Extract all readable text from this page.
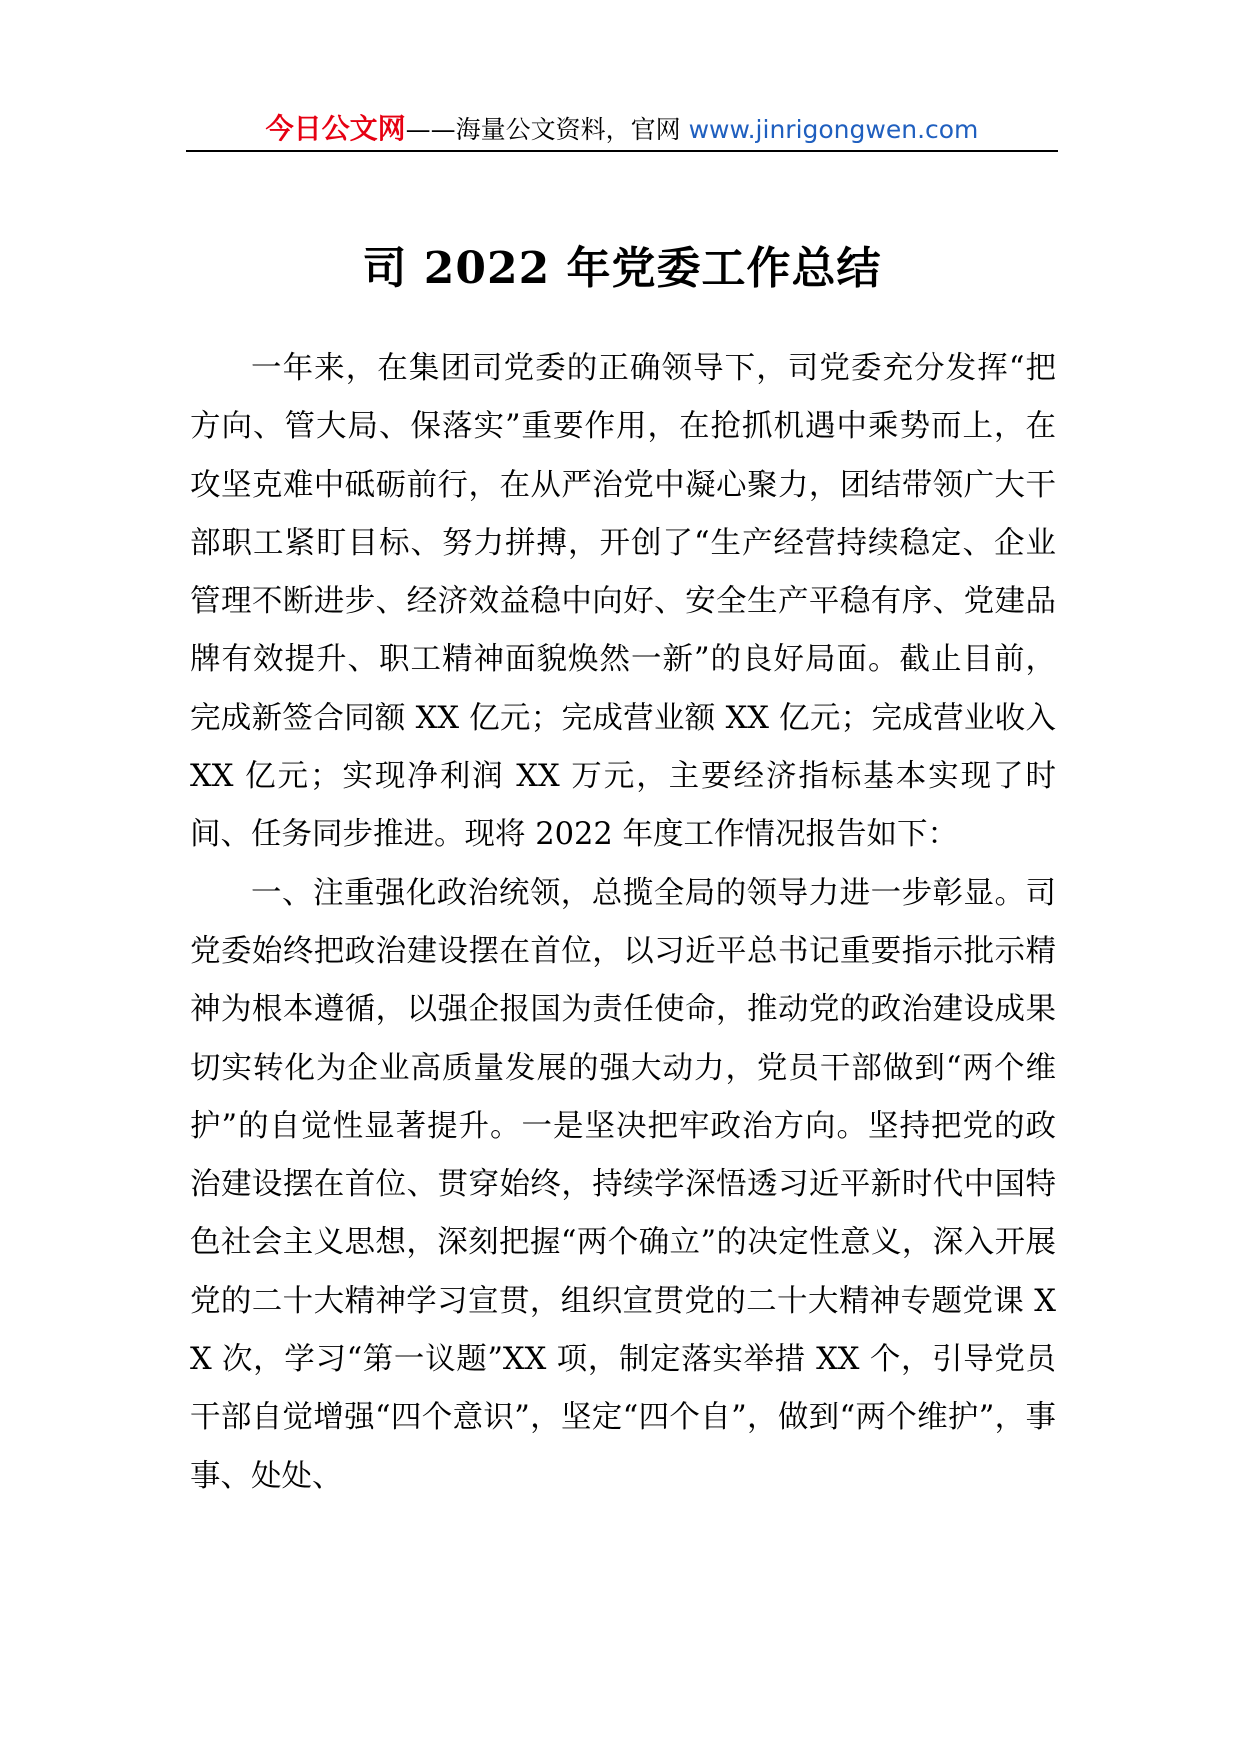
今日公文网——海量公文资料，官网 www.jinrigongwen.com
司 2022 年党委工作总结

一年来，在集团司党委的正确领导下，司党委充分发挥“把方向、管大局、保落实”重要作用，在抢抓机遇中乘势而上，在攻坚克难中砥砺前行，在从严治党中凝心聚力，团结带领广大干部职工紧盯目标、努力拼搏，开创了“生产经营持续稳定、企业管理不断进步、经济效益稳中向好、安全生产平稳有序、党建品牌有效提升、职工精神面貌焕然一新”的良好局面。截止目前，完成新签合同额 XX 亿元；完成营业额 XX 亿元；完成营业收入 XX 亿元；实现净利润 XX 万元，主要经济指标基本实现了时间、任务同步推进。现将 2022 年度工作情况报告如下：

一、注重强化政治统领，总揽全局的领导力进一步彰显。司党委始终把政治建设摆在首位，以习近平总书记重要指示批示精神为根本遵循，以强企报国为责任使命，推动党的政治建设成果切实转化为企业高质量发展的强大动力，党员干部做到“两个维护”的自觉性显著提升。一是坚决把牢政治方向。坚持把党的政治建设摆在首位、贯穿始终，持续学深悟透习近平新时代中国特色社会主义思想，深刻把握“两个确立”的决定性意义，深入开展党的二十大精神学习宣贯，组织宣贯党的二十大精神专题党课 XX 次，学习“第一议题”XX 项，制定落实举措 XX 个，引导党员干部自觉增强“四个意识”，坚定“四个自”，做到“两个维护”，事事、处处、
